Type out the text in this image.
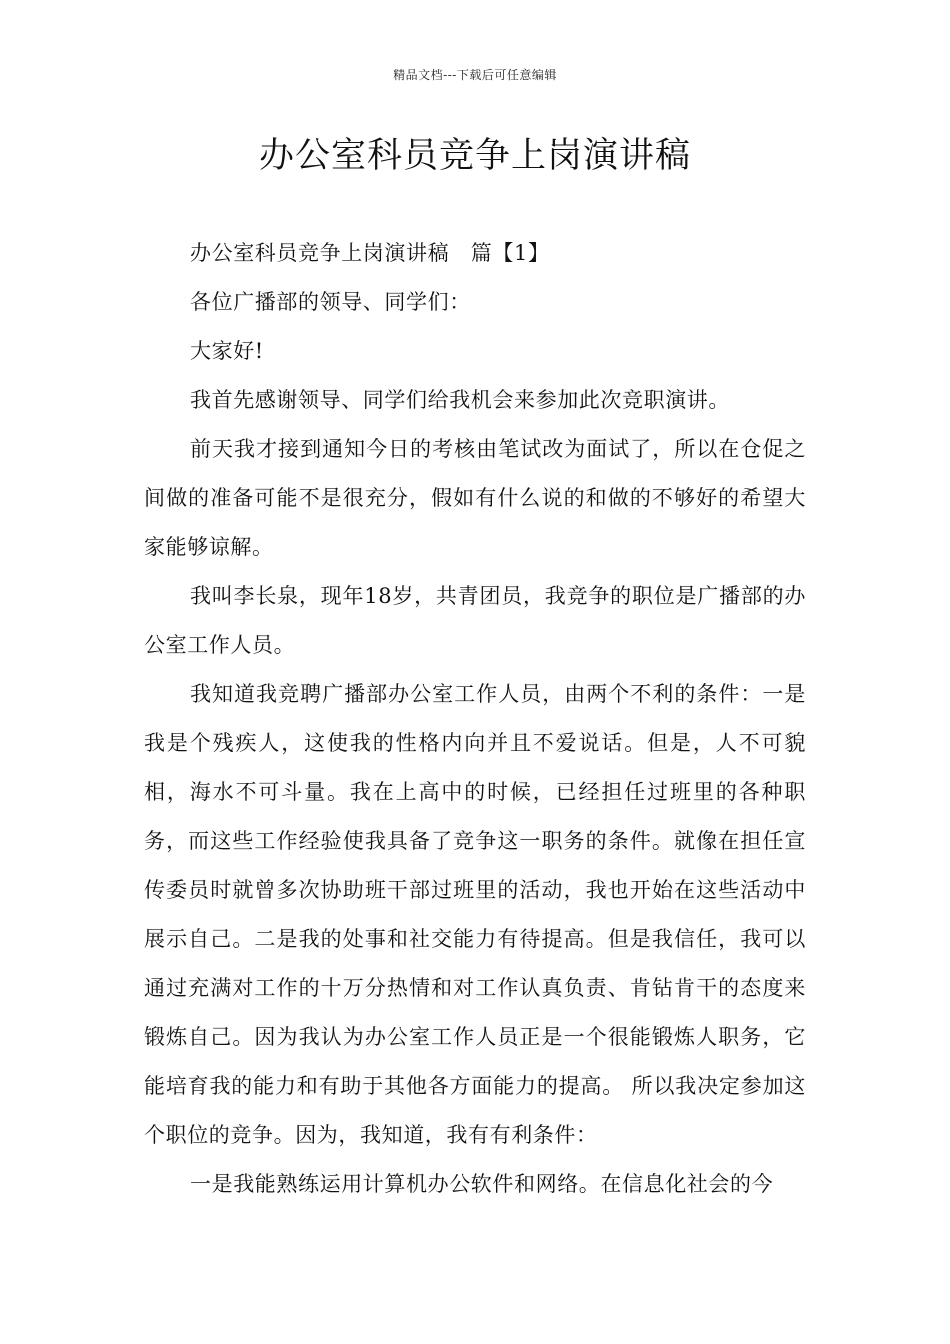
精品文档---下载后可任意编辑
办公室科员竞争上岗演讲稿

办公室科员竞争上岗演讲稿　篇【1】

各位广播部的领导、同学们：

大家好!

我首先感谢领导、同学们给我机会来参加此次竞职演讲。

前天我才接到通知今日的考核由笔试改为面试了，所以在仓促之间做的准备可能不是很充分，假如有什么说的和做的不够好的希望大家能够谅解。

我叫李长泉，现年18岁，共青团员，我竞争的职位是广播部的办公室工作人员。

我知道我竞聘广播部办公室工作人员，由两个不利的条件：一是我是个残疾人，这使我的性格内向并且不爱说话。但是，人不可貌相，海水不可斗量。我在上高中的时候，已经担任过班里的各种职务，而这些工作经验使我具备了竞争这一职务的条件。就像在担任宣传委员时就曾多次协助班干部过班里的活动，我也开始在这些活动中展示自己。二是我的处事和社交能力有待提高。但是我信任，我可以通过充满对工作的十万分热情和对工作认真负责、肯钻肯干的态度来锻炼自己。因为我认为办公室工作人员正是一个很能锻炼人职务，它能培育我的能力和有助于其他各方面能力的提高。 所以我决定参加这个职位的竞争。因为，我知道，我有有利条件：

一是我能熟练运用计算机办公软件和网络。在信息化社会的今
